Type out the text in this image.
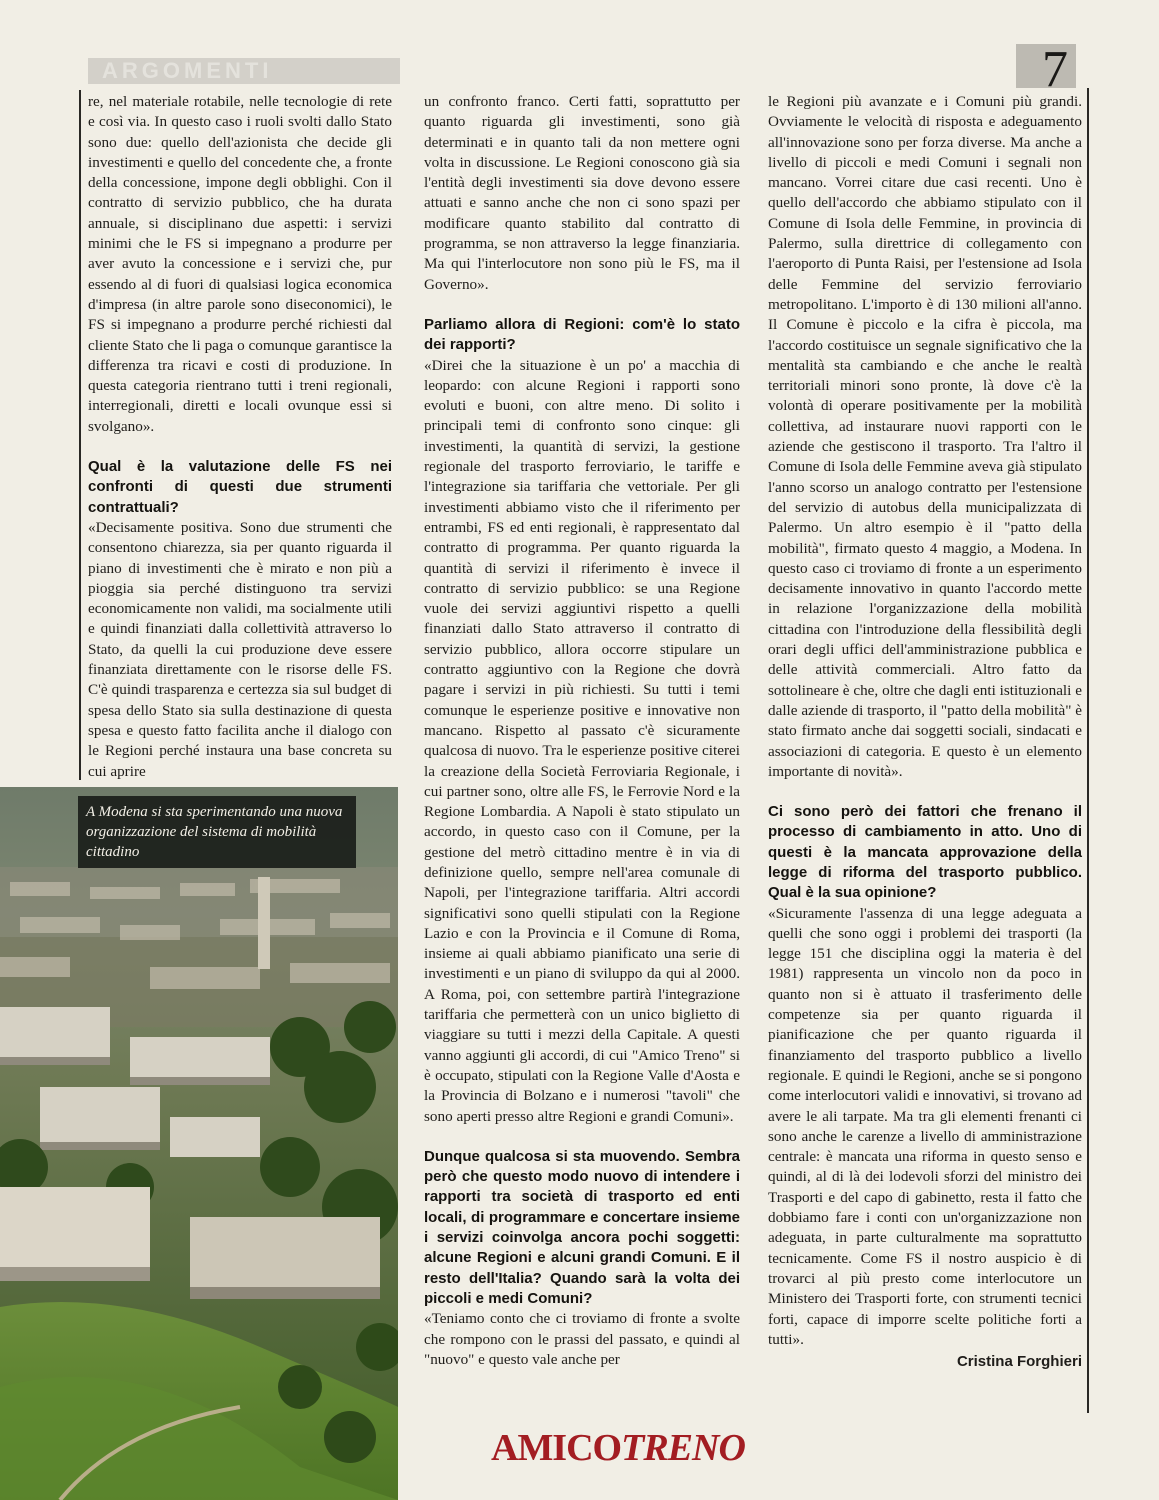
ARGOMENTI	7

re, nel materiale rotabile, nelle tecnologie di rete e così via. In questo caso i ruoli svolti dallo Stato sono due: quello dell'azionista che decide gli investimenti e quello del concedente che, a fronte della concessione, impone degli obblighi. Con il contratto di servizio pubblico, che ha durata annuale, si disciplinano due aspetti: i servizi minimi che le FS si impegnano a produrre per aver avuto la concessione e i servizi che, pur essendo al di fuori di qualsiasi logica economica d'impresa (in altre parole sono diseconomici), le FS si impegnano a produrre perché richiesti dal cliente Stato che li paga o comunque garantisce la differenza tra ricavi e costi di produzione. In questa categoria rientrano tutti i treni regionali, interregionali, diretti e locali ovunque essi si svolgano».

Qual è la valutazione delle FS nei confronti di questi due strumenti contrattuali?

«Decisamente positiva. Sono due strumenti che consentono chiarezza, sia per quanto riguarda il piano di investimenti che è mirato e non più a pioggia sia perché distinguono tra servizi economicamente non validi, ma socialmente utili e quindi finanziati dalla collettività attraverso lo Stato, da quelli la cui produzione deve essere finanziata direttamente con le risorse delle FS. C'è quindi trasparenza e certezza sia sul budget di spesa dello Stato sia sulla destinazione di questa spesa e questo fatto facilita anche il dialogo con le Regioni perché instaura una base concreta su cui aprire

A Modena si sta sperimentando una nuova organizzazione del sistema di mobilità cittadino

un confronto franco. Certi fatti, soprattutto per quanto riguarda gli investimenti, sono già determinati e in quanto tali da non mettere ogni volta in discussione. Le Regioni conoscono già sia l'entità degli investimenti sia dove devono essere attuati e sanno anche che non ci sono spazi per modificare quanto stabilito dal contratto di programma, se non attraverso la legge finanziaria. Ma qui l'interlocutore non sono più le FS, ma il Governo».

Parliamo allora di Regioni: com'è lo stato dei rapporti?

«Direi che la situazione è un po' a macchia di leopardo: con alcune Regioni i rapporti sono evoluti e buoni, con altre meno. Di solito i principali temi di confronto sono cinque: gli investimenti, la quantità di servizi, la gestione regionale del trasporto ferroviario, le tariffe e l'integrazione sia tariffaria che vettoriale. Per gli investimenti abbiamo visto che il riferimento per entrambi, FS ed enti regionali, è rappresentato dal contratto di programma. Per quanto riguarda la quantità di servizi il riferimento è invece il contratto di servizio pubblico: se una Regione vuole dei servizi aggiuntivi rispetto a quelli finanziati dallo Stato attraverso il contratto di servizio pubblico, allora occorre stipulare un contratto aggiuntivo con la Regione che dovrà pagare i servizi in più richiesti. Su tutti i temi comunque le esperienze positive e innovative non mancano. Rispetto al passato c'è sicuramente qualcosa di nuovo. Tra le esperienze positive citerei la creazione della Società Ferroviaria Regionale, i cui partner sono, oltre alle FS, le Ferrovie Nord e la Regione Lombardia. A Napoli è stato stipulato un accordo, in questo caso con il Comune, per la gestione del metrò cittadino mentre è in via di definizione quello, sempre nell'area comunale di Napoli, per l'integrazione tariffaria. Altri accordi significativi sono quelli stipulati con la Regione Lazio e con la Provincia e il Comune di Roma, insieme ai quali abbiamo pianificato una serie di investimenti e un piano di sviluppo da qui al 2000. A Roma, poi, con settembre partirà l'integrazione tariffaria che permetterà con un unico biglietto di viaggiare su tutti i mezzi della Capitale. A questi vanno aggiunti gli accordi, di cui "Amico Treno" si è occupato, stipulati con la Regione Valle d'Aosta e la Provincia di Bolzano e i numerosi "tavoli" che sono aperti presso altre Regioni e grandi Comuni».

Dunque qualcosa si sta muovendo. Sembra però che questo modo nuovo di intendere i rapporti tra società di trasporto ed enti locali, di programmare e concertare insieme i servizi coinvolga ancora pochi soggetti: alcune Regioni e alcuni grandi Comuni. E il resto dell'Italia? Quando sarà la volta dei piccoli e medi Comuni?

«Teniamo conto che ci troviamo di fronte a svolte che rompono con le prassi del passato, e quindi al "nuovo" e questo vale anche per

le Regioni più avanzate e i Comuni più grandi. Ovviamente le velocità di risposta e adeguamento all'innovazione sono per forza diverse. Ma anche a livello di piccoli e medi Comuni i segnali non mancano. Vorrei citare due casi recenti. Uno è quello dell'accordo che abbiamo stipulato con il Comune di Isola delle Femmine, in provincia di Palermo, sulla direttrice di collegamento con l'aeroporto di Punta Raisi, per l'estensione ad Isola delle Femmine del servizio ferroviario metropolitano. L'importo è di 130 milioni all'anno. Il Comune è piccolo e la cifra è piccola, ma l'accordo costituisce un segnale significativo che la mentalità sta cambiando e che anche le realtà territoriali minori sono pronte, là dove c'è la volontà di operare positivamente per la mobilità collettiva, ad instaurare nuovi rapporti con le aziende che gestiscono il trasporto. Tra l'altro il Comune di Isola delle Femmine aveva già stipulato l'anno scorso un analogo contratto per l'estensione del servizio di autobus della municipalizzata di Palermo. Un altro esempio è il "patto della mobilità", firmato questo 4 maggio, a Modena. In questo caso ci troviamo di fronte a un esperimento decisamente innovativo in quanto l'accordo mette in relazione l'organizzazione della mobilità cittadina con l'introduzione della flessibilità degli orari degli uffici dell'amministrazione pubblica e delle attività commerciali. Altro fatto da sottolineare è che, oltre che dagli enti istituzionali e dalle aziende di trasporto, il "patto della mobilità" è stato firmato anche dai soggetti sociali, sindacati e associazioni di categoria. E questo è un elemento importante di novità».

Ci sono però dei fattori che frenano il processo di cambiamento in atto. Uno di questi è la mancata approvazione della legge di riforma del trasporto pubblico. Qual è la sua opinione?

«Sicuramente l'assenza di una legge adeguata a quelli che sono oggi i problemi dei trasporti (la legge 151 che disciplina oggi la materia è del 1981) rappresenta un vincolo non da poco in quanto non si è attuato il trasferimento delle competenze sia per quanto riguarda il pianificazione che per quanto riguarda il finanziamento del trasporto pubblico a livello regionale. E quindi le Regioni, anche se si pongono come interlocutori validi e innovativi, si trovano ad avere le ali tarpate. Ma tra gli elementi frenanti ci sono anche le carenze a livello di amministrazione centrale: è mancata una riforma in questo senso e quindi, al di là dei lodevoli sforzi del ministro dei Trasporti e del capo di gabinetto, resta il fatto che dobbiamo fare i conti con un'organizzazione non adeguata, in parte culturalmente ma soprattutto tecnicamente. Come FS il nostro auspicio è di trovarci al più presto come interlocutore un Ministero dei Trasporti forte, con strumenti tecnici forti, capace di imporre scelte politiche forti a tutti».

Cristina Forghieri
AMICOTRENO
